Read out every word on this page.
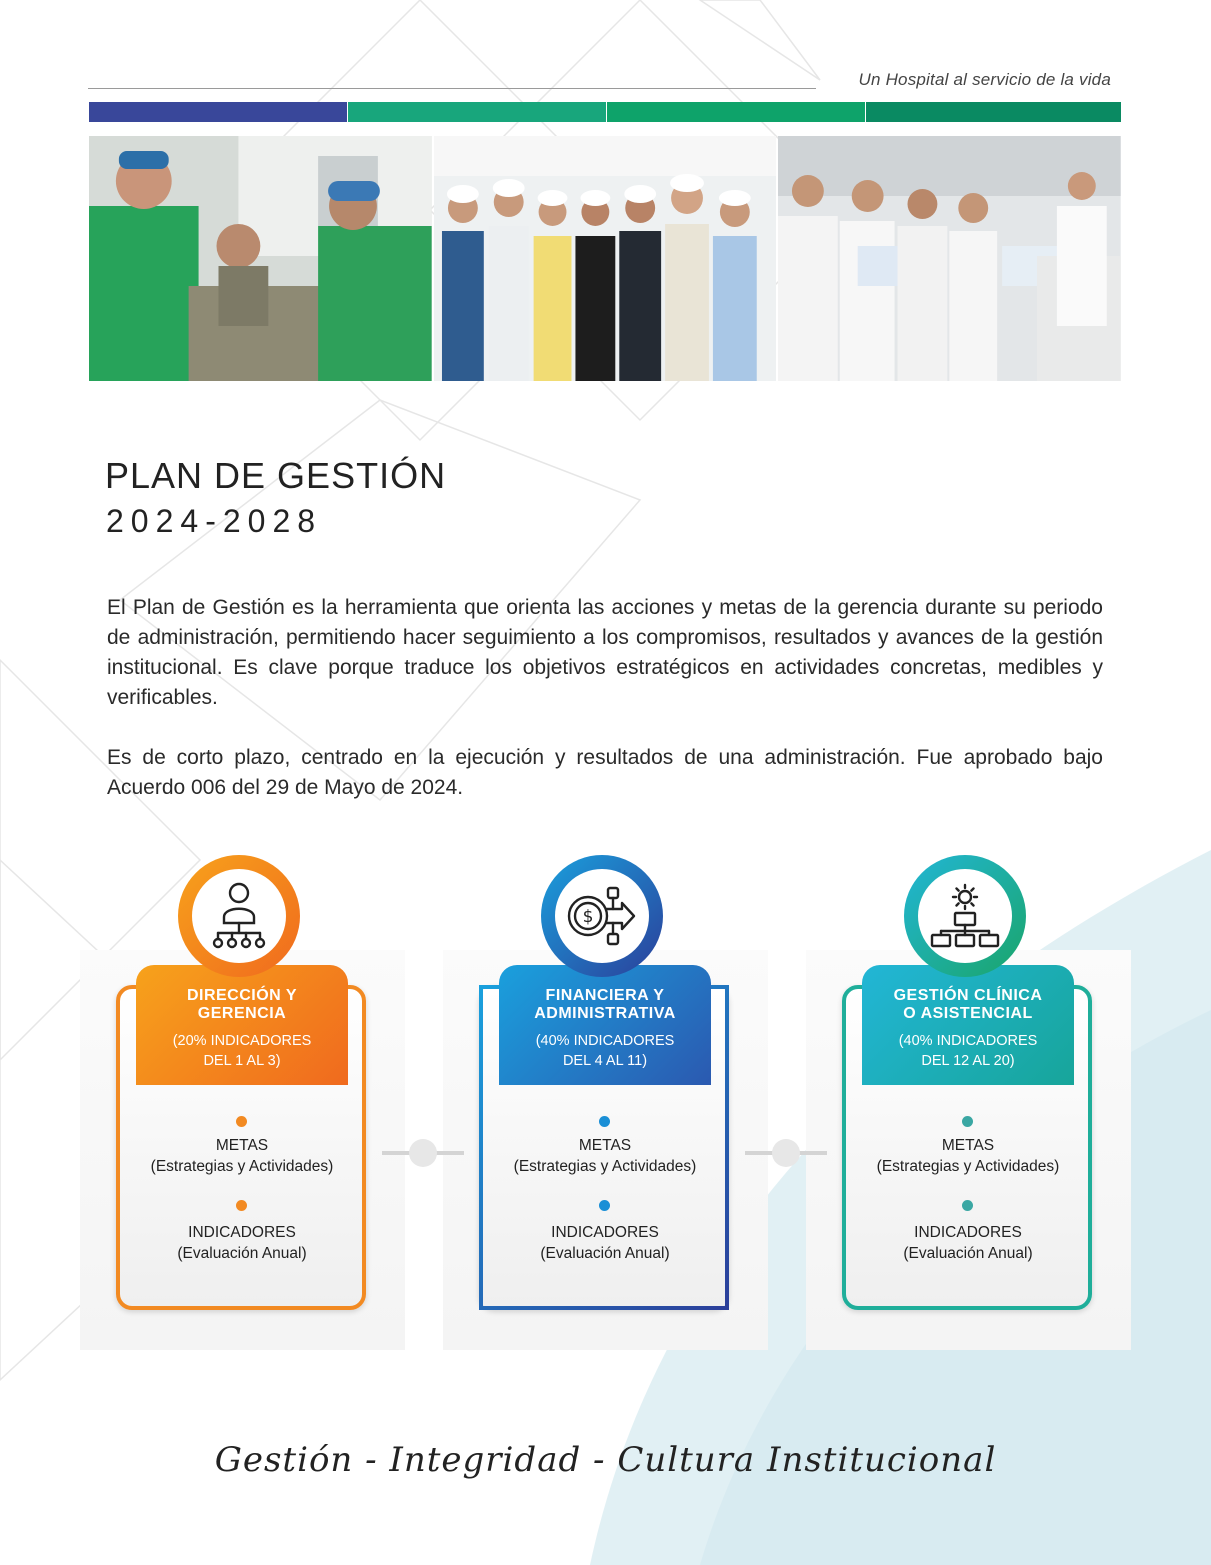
Un Hospital al servicio de la vida
PLAN DE GESTIÓN
2024-2028

El Plan de Gestión es la herramienta que orienta las acciones y metas de la gerencia durante su periodo de administración, permitiendo hacer seguimiento a los compromisos, resultados y avances de la gestión institucional. Es clave porque traduce los objetivos estratégicos en actividades concretas, medibles y verificables.

Es de corto plazo, centrado en la ejecución y resultados de una administración. Fue aprobado bajo Acuerdo 006 del 29 de Mayo de 2024.

DIRECCIÓN Y
GERENCIA
(20% INDICADORES
DEL 1 AL 3)
METAS
(Estrategias y Actividades)
INDICADORES
(Evaluación Anual)
$
FINANCIERA Y
ADMINISTRATIVA
(40% INDICADORES
DEL 4 AL 11)
METAS
(Estrategias y Actividades)
INDICADORES
(Evaluación Anual)
GESTIÓN CLÍNICA
O ASISTENCIAL
(40% INDICADORES
DEL 12 AL 20)
METAS
(Estrategias y Actividades)
INDICADORES
(Evaluación Anual)
Gestión - Integridad - Cultura Institucional
